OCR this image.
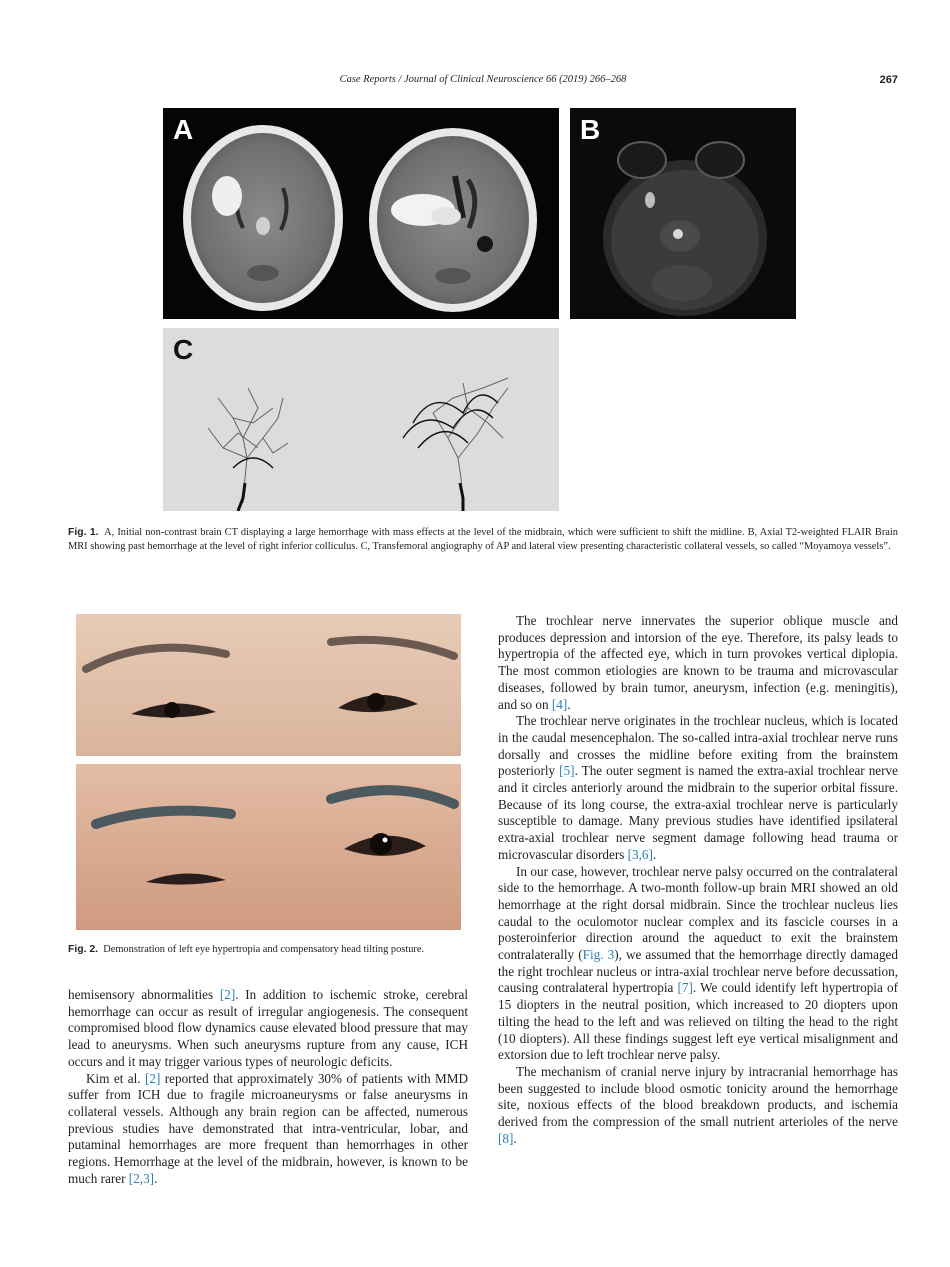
Case Reports / Journal of Clinical Neuroscience 66 (2019) 266–268	267
A	B
C
Fig. 1. A, Initial non-contrast brain CT displaying a large hemorrhage with mass effects at the level of the midbrain, which were sufficient to shift the midline. B, Axial T2-weighted FLAIR Brain MRI showing past hemorrhage at the level of right inferior colliculus. C, Transfemoral angiography of AP and lateral view presenting characteristic collateral vessels, so called “Moyamoya vessels”.
Fig. 2. Demonstration of left eye hypertropia and compensatory head tilting posture.

hemisensory abnormalities [2]. In addition to ischemic stroke, cerebral hemorrhage can occur as result of irregular angiogenesis. The consequent compromised blood flow dynamics cause elevated blood pressure that may lead to aneurysms. When such aneurysms rupture from any cause, ICH occurs and it may trigger various types of neurologic deficits.

Kim et al. [2] reported that approximately 30% of patients with MMD suffer from ICH due to fragile microaneurysms or false aneurysms in collateral vessels. Although any brain region can be affected, numerous previous studies have demonstrated that intra-ventricular, lobar, and putaminal hemorrhages are more frequent than hemorrhages in other regions. Hemorrhage at the level of the midbrain, however, is known to be much rarer [2,3].

The trochlear nerve innervates the superior oblique muscle and produces depression and intorsion of the eye. Therefore, its palsy leads to hypertropia of the affected eye, which in turn provokes vertical diplopia. The most common etiologies are known to be trauma and microvascular diseases, followed by brain tumor, aneurysm, infection (e.g. meningitis), and so on [4].

The trochlear nerve originates in the trochlear nucleus, which is located in the caudal mesencephalon. The so-called intra-axial trochlear nerve runs dorsally and crosses the midline before exiting from the brainstem posteriorly [5]. The outer segment is named the extra-axial trochlear nerve and it circles anteriorly around the midbrain to the superior orbital fissure. Because of its long course, the extra-axial trochlear nerve is particularly susceptible to damage. Many previous studies have identified ipsilateral extra-axial trochlear nerve segment damage following head trauma or microvascular disorders [3,6].

In our case, however, trochlear nerve palsy occurred on the contralateral side to the hemorrhage. A two-month follow-up brain MRI showed an old hemorrhage at the right dorsal midbrain. Since the trochlear nucleus lies caudal to the oculomotor nuclear complex and its fascicle courses in a posteroinferior direction around the aqueduct to exit the brainstem contralaterally (Fig. 3), we assumed that the hemorrhage directly damaged the right trochlear nucleus or intra-axial trochlear nerve before decussation, causing contralateral hypertropia [7]. We could identify left hypertropia of 15 diopters in the neutral position, which increased to 20 diopters upon tilting the head to the left and was relieved on tilting the head to the right (10 diopters). All these findings suggest left eye vertical misalignment and extorsion due to left trochlear nerve palsy.

The mechanism of cranial nerve injury by intracranial hemorrhage has been suggested to include blood osmotic tonicity around the hemorrhage site, noxious effects of the blood breakdown products, and ischemia derived from the compression of the small nutrient arterioles of the nerve [8].
